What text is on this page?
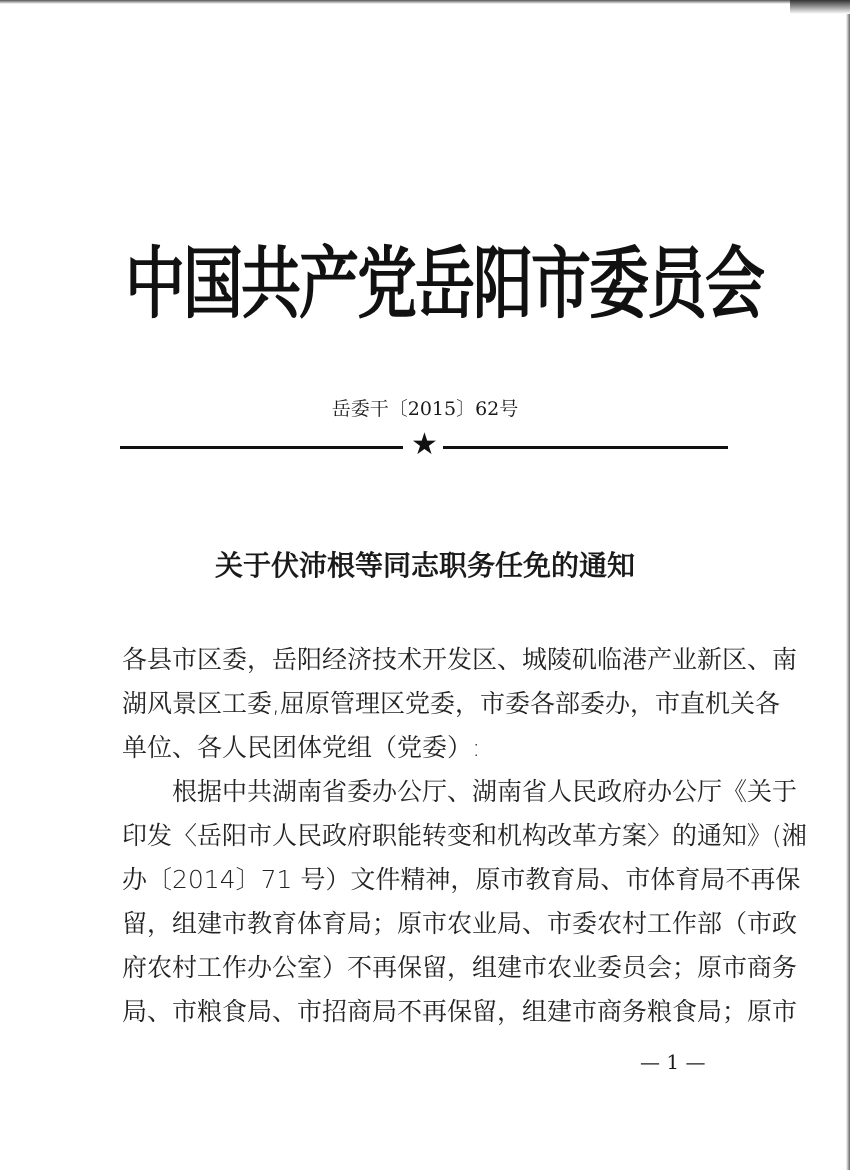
中国共产党岳阳市委员会
岳委干〔2015〕62号
★
关于伏沛根等同志职务任免的通知
各县市区委，岳阳经济技术开发区、城陵矶临港产业新区、南
湖风景区工委,屈原管理区党委，市委各部委办，市直机关各
单位、各人民团体党组（党委）:
根据中共湖南省委办公厅、湖南省人民政府办公厅《关于
印发〈岳阳市人民政府职能转变和机构改革方案〉的通知》(湘
办〔2014〕71 号）文件精神，原市教育局、市体育局不再保
留，组建市教育体育局；原市农业局、市委农村工作部（市政
府农村工作办公室）不再保留，组建市农业委员会；原市商务
局、市粮食局、市招商局不再保留，组建市商务粮食局；原市
— 1 —
